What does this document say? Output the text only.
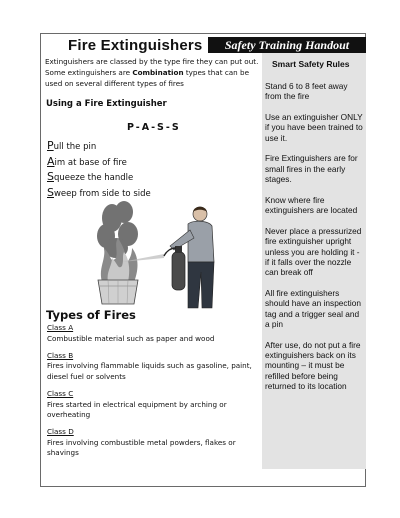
Fire Extinguishers	Safety Training Handout
Extinguishers are classed by the type fire they can put out. Some extinguishers are Combination types that can be used on several different types of fires
Using a Fire Extinguisher
P-A-S-S
Pull the pin
Aim at base of fire
Squeeze the handle
Sweep from side to side
Types of Fires
Class A
Combustible material such as paper and wood
Class B
Fires involving flammable liquids such as gasoline, paint, diesel fuel or solvents
Class C
Fires started in electrical equipment by arching or overheating
Class D
Fires involving combustible metal powders, flakes or shavings
Smart Safety Rules
Stand 6 to 8 feet away from the fire
Use an extinguisher ONLY if you have been trained to use it.
Fire Extinguishers are for small fires in the early stages.
Know where fire extinguishers are located
Never place a pressurized fire extinguisher upright unless you are holding it - if it falls over the nozzle can break off
All fire extinguishers should have an inspection tag and a trigger seal and a pin
After use, do not put a fire extinguishers back on its mounting – it must be refilled before being returned to its location
